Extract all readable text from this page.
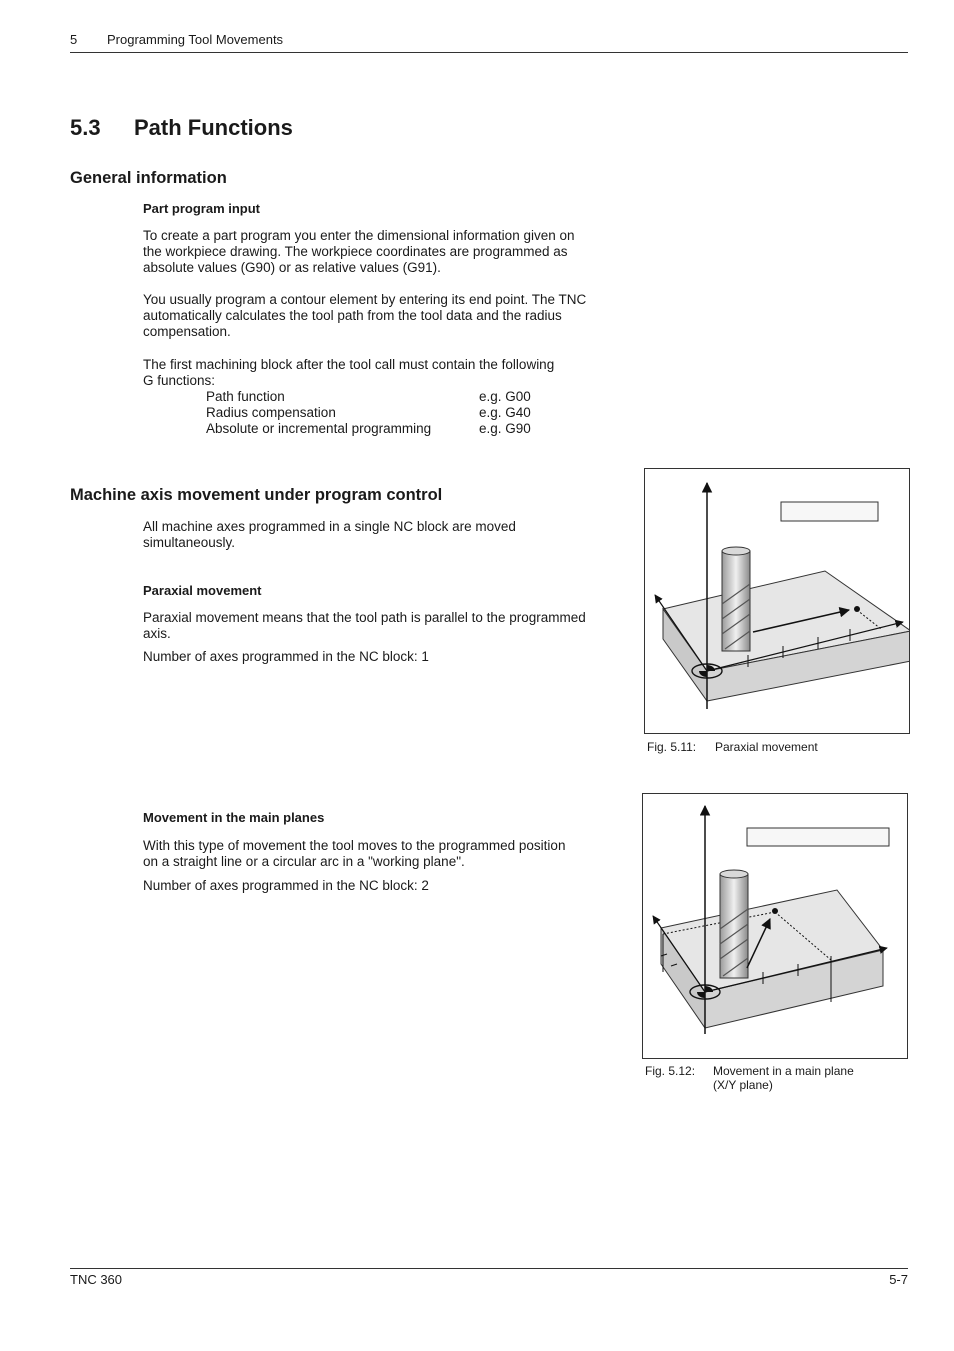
5 Programming Tool Movements
5.3 Path Functions
General information
Part program input
To create a part program you enter the dimensional information given on
the workpiece drawing. The workpiece coordinates are programmed as
absolute values (G90) or as relative values (G91).
You usually program a contour element by entering its end point. The TNC
automatically calculates the tool path from the tool data and the radius
compensation.
The first machining block after the tool call must contain the following
G functions:
Path function	e.g. G00
Radius compensation	e.g. G40
Absolute or incremental programming	e.g. G90
Machine axis movement under program control
All machine axes programmed in a single NC block are moved
simultaneously.
Paraxial movement
Paraxial movement means that the tool path is parallel to the programmed
axis.
Number of axes programmed in the NC block: 1
Movement in the main planes
With this type of movement the tool moves to the programmed position
on a straight line or a circular arc in a "working plane".
Number of axes programmed in the NC block: 2
Fig. 5.11: Paraxial movement
Fig. 5.12: Movement in a main plane
(X/Y plane)
TNC 360	5-7
